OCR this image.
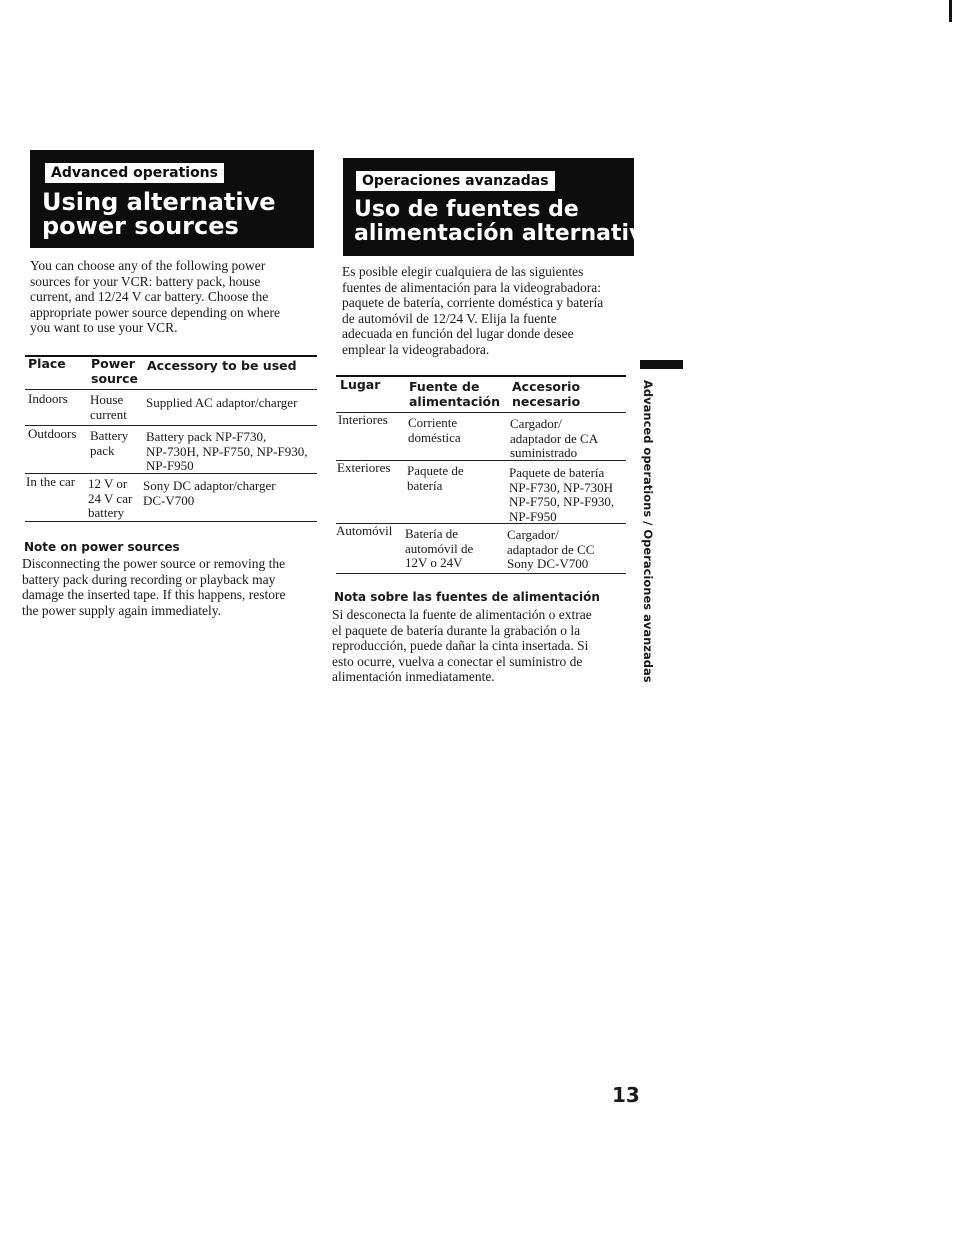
Advanced operations
Using alternative
power sources
Operaciones avanzadas
Uso de fuentes de
alimentación alternativas
You can choose any of the following power
sources for your VCR: battery pack, house
current, and 12/24 V car battery. Choose the
appropriate power source depending on where
you want to use your VCR.
Place Power
source
Accessory to be used
Indoors House
current
Supplied AC adaptor/charger
Outdoors Battery
pack
Battery pack NP-F730,
NP-730H, NP-F750, NP-F930,
NP-F950
In the car 12 V or
24 V car
battery
Sony DC adaptor/charger
DC-V700
Note on power sources
Disconnecting the power source or removing the
battery pack during recording or playback may
damage the inserted tape. If this happens, restore
the power supply again immediately.
Es posible elegir cualquiera de las siguientes
fuentes de alimentación para la videograbadora:
paquete de batería, corriente doméstica y batería
de automóvil de 12/24 V. Elija la fuente
adecuada en función del lugar donde desee
emplear la videograbadora.
Lugar Fuente de
alimentación
Accesorio
necesario
Interiores Corriente
doméstica
Cargador/
adaptador de CA
suministrado
Exteriores Paquete de
batería
Paquete de batería
NP-F730, NP-730H
NP-F750, NP-F930,
NP-F950
Automóvil Batería de
automóvil de
12V o 24V
Cargador/
adaptador de CC
Sony DC-V700
Nota sobre las fuentes de alimentación
Si desconecta la fuente de alimentación o extrae
el paquete de batería durante la grabación o la
reproducción, puede dañar la cinta insertada. Si
esto ocurre, vuelva a conectar el suministro de
alimentación inmediatamente.	Advanced operations / Operaciones avanzadas
13
